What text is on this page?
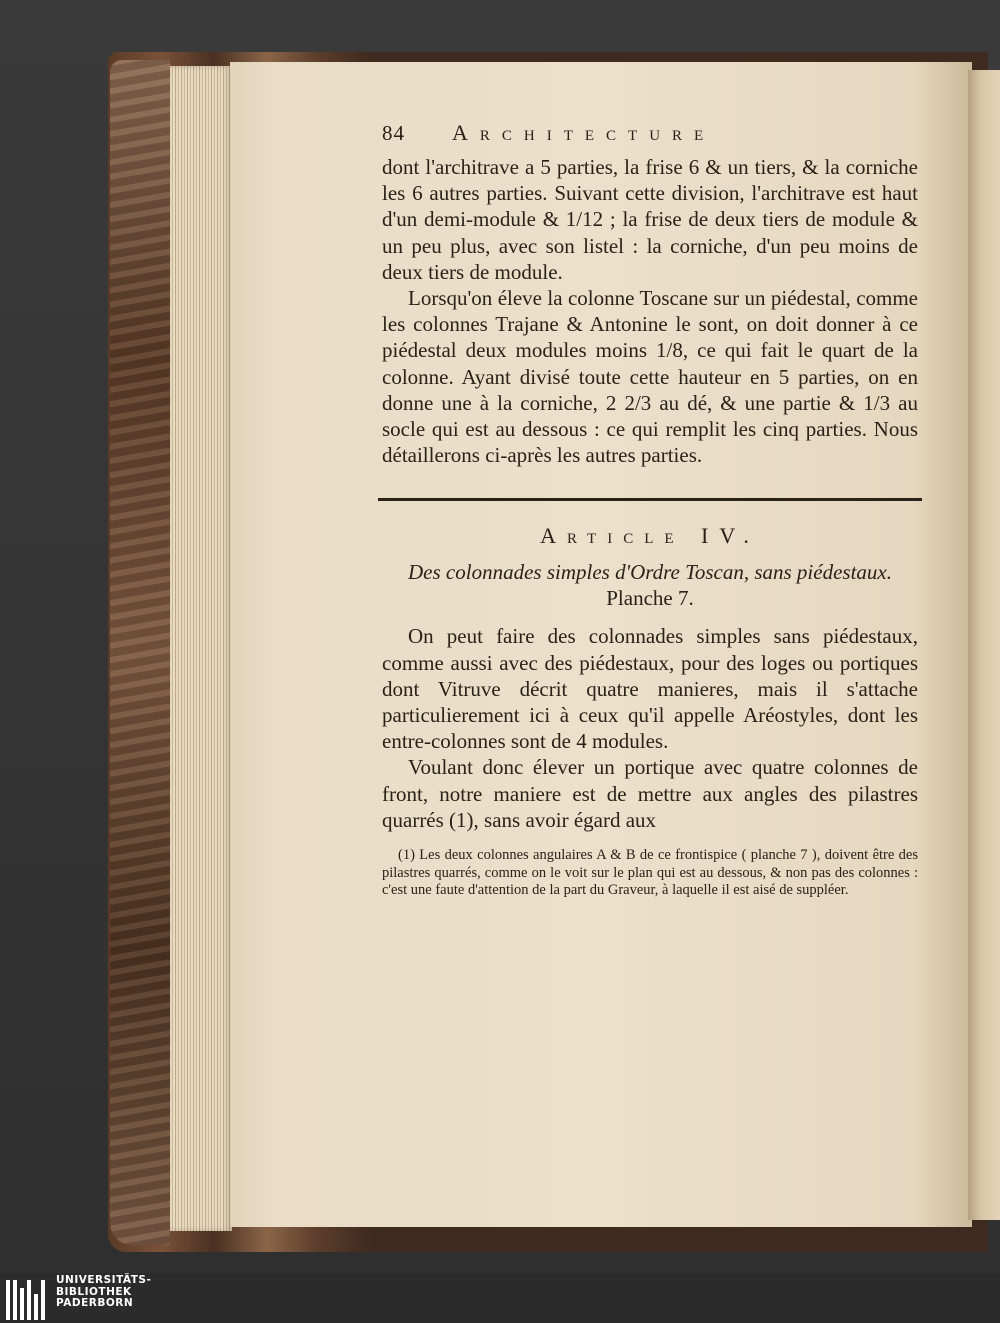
84	Architecture

dont l'architrave a 5 parties, la frise 6 & un tiers, & la corniche les 6 autres parties. Suivant cette division, l'architrave est haut d'un demi-module & 1/12 ; la frise de deux tiers de module & un peu plus, avec son listel : la corniche, d'un peu moins de deux tiers de module.

Lorsqu'on éleve la colonne Toscane sur un piédestal, comme les colonnes Trajane & Antonine le sont, on doit donner à ce piédestal deux modules moins 1/8, ce qui fait le quart de la colonne. Ayant divisé toute cette hauteur en 5 parties, on en donne une à la corniche, 2 2/3 au dé, & une partie & 1/3 au socle qui est au dessous : ce qui remplit les cinq parties. Nous détaillerons ci-après les autres parties.

Article IV.
Des colonnades simples d'Ordre Toscan, sans piédestaux. Planche 7.

On peut faire des colonnades simples sans piédestaux, comme aussi avec des piédestaux, pour des loges ou portiques dont Vitruve décrit quatre manieres, mais il s'attache particulierement ici à ceux qu'il appelle Aréostyles, dont les entre-colonnes sont de 4 modules.

Voulant donc élever un portique avec quatre colonnes de front, notre maniere est de mettre aux angles des pilastres quarrés (1), sans avoir égard aux

(1) Les deux colonnes angulaires A & B de ce frontispice ( planche 7 ), doivent être des pilastres quarrés, comme on le voit sur le plan qui est au dessous, & non pas des colonnes : c'est une faute d'attention de la part du Graveur, à laquelle il est aisé de suppléer.

UNIVERSITÄTS-
BIBLIOTHEK
PADERBORN
